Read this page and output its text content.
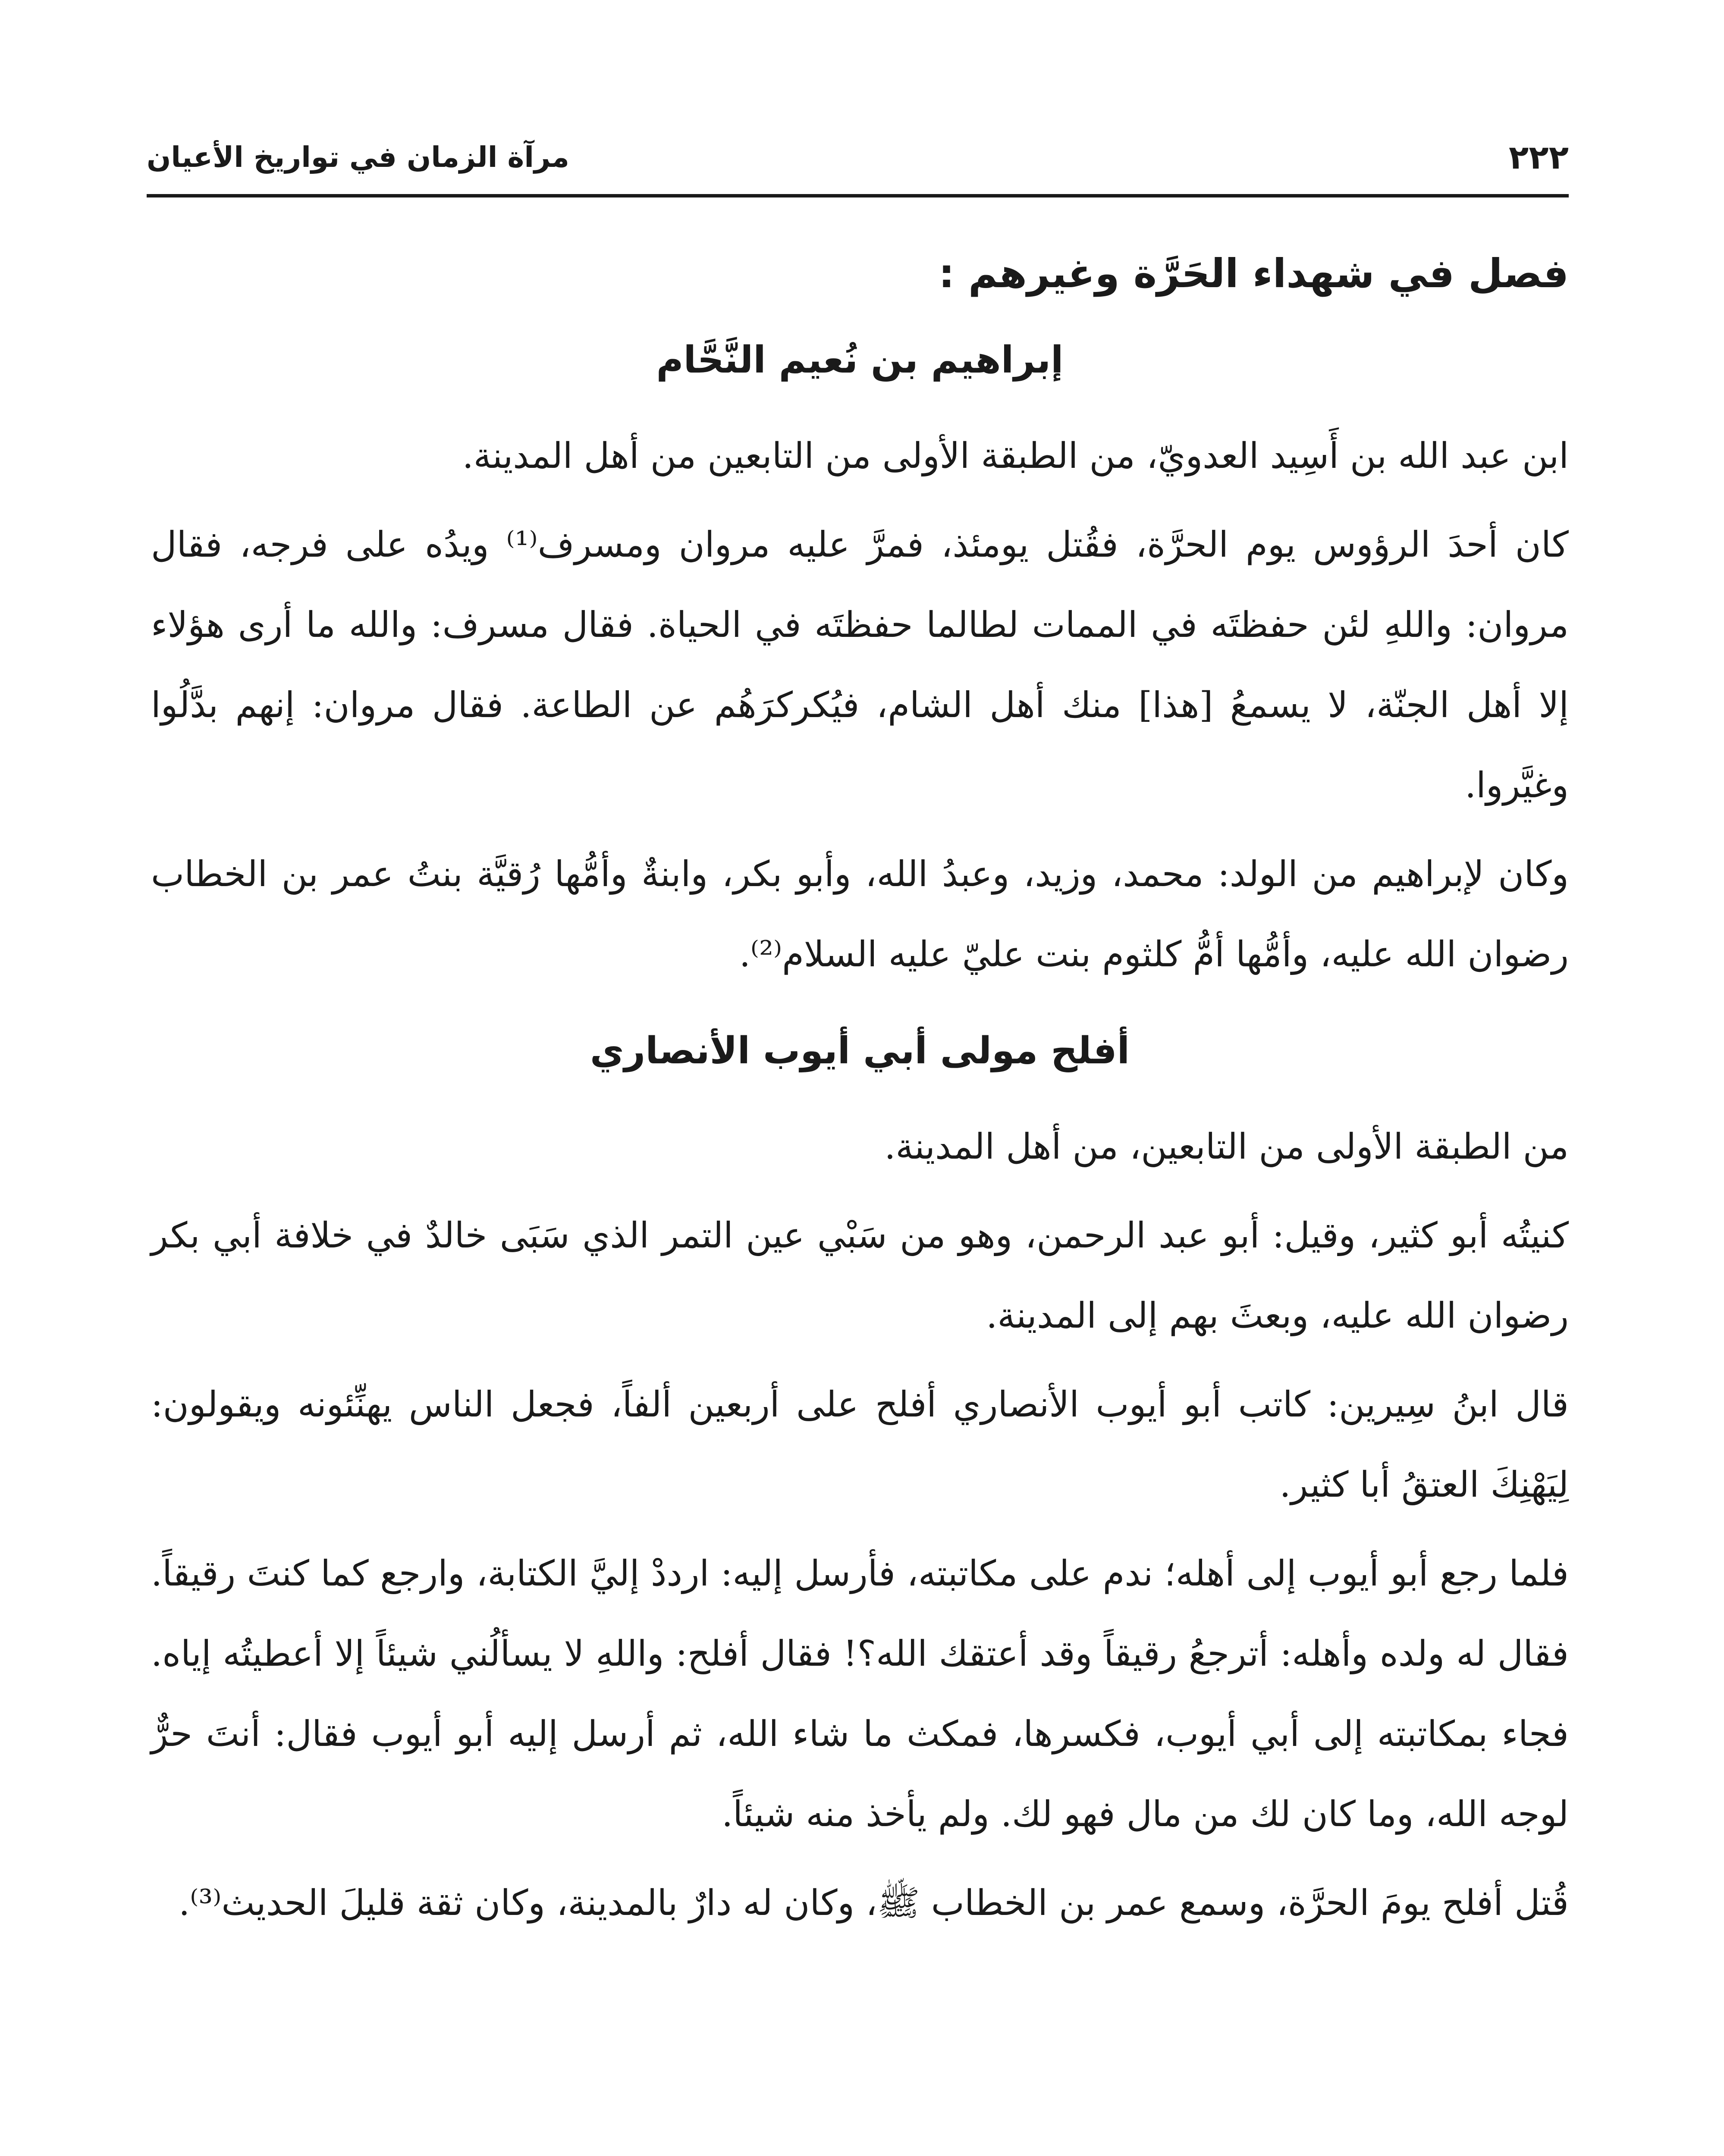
٢٢٢
مرآة الزمان في تواريخ الأعيان
فصل في شهداء الحَرَّة وغيرهم :
إبراهيم بن نُعيم النَّحَّام

ابن عبد الله بن أَسِيد العدويّ، من الطبقة الأولى من التابعين من أهل المدينة.

كان أحدَ الرؤوس يوم الحرَّة، فقُتل يومئذ، فمرَّ عليه مروان ومسرف⁽¹⁾ ويدُه على فرجه، فقال مروان: واللهِ لئن حفظتَه في الممات لطالما حفظتَه في الحياة. فقال مسرف: والله ما أرى هؤلاء إلا أهل الجنّة، لا يسمعُ [هذا] منك أهل الشام، فيُكركرَهُم عن الطاعة. فقال مروان: إنهم بدَّلُوا وغيَّروا.

وكان لإبراهيم من الولد: محمد، وزيد، وعبدُ الله، وأبو بكر، وابنةٌ وأمُّها رُقيَّة بنتُ عمر بن الخطاب رضوان الله عليه، وأمُّها أمُّ كلثوم بنت عليّ عليه السلام⁽²⁾.

أفلح مولى أبي أيوب الأنصاري

من الطبقة الأولى من التابعين، من أهل المدينة.

كنيتُه أبو كثير، وقيل: أبو عبد الرحمن، وهو من سَبْي عين التمر الذي سَبَى خالدٌ في خلافة أبي بكر رضوان الله عليه، وبعثَ بهم إلى المدينة.

قال ابنُ سِيرين: كاتب أبو أيوب الأنصاري أفلح على أربعين ألفاً، فجعل الناس يهنِّئونه ويقولون: لِيَهْنِكَ العتقُ أبا كثير.

فلما رجع أبو أيوب إلى أهله؛ ندم على مكاتبته، فأرسل إليه: ارددْ إليَّ الكتابة، وارجع كما كنتَ رقيقاً. فقال له ولده وأهله: أترجعُ رقيقاً وقد أعتقك الله؟! فقال أفلح: واللهِ لا يسألُني شيئاً إلا أعطيتُه إياه. فجاء بمكاتبته إلى أبي أيوب، فكسرها، فمكث ما شاء الله، ثم أرسل إليه أبو أيوب فقال: أنتَ حرٌّ لوجه الله، وما كان لك من مال فهو لك. ولم يأخذ منه شيئاً.

قُتل أفلح يومَ الحرَّة، وسمع عمر بن الخطاب ﷺ، وكان له دارٌ بالمدينة، وكان ثقة قليلَ الحديث⁽³⁾.
